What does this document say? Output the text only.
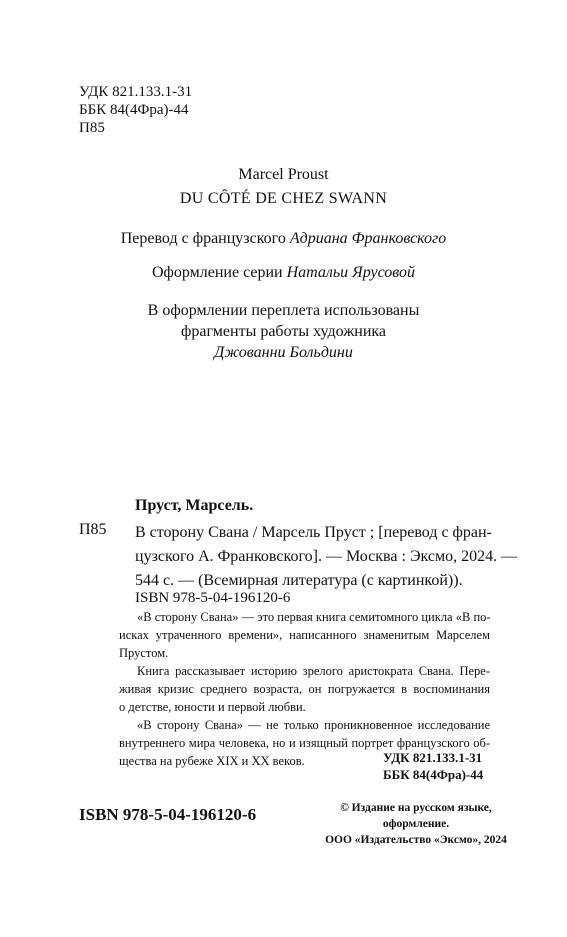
УДК 821.133.1-31
ББК 84(4Фра)-44
П85
Marcel Proust
DU CÔTÉ DE CHEZ SWANN
Перевод с французского Адриана Франковского
Оформление серии Натальи Ярусовой
В оформлении переплета использованы
фрагменты работы художника
Джованни Больдини
Пруст, Марсель.
П85 В сторону Свана / Марсель Пруст ; [перевод с фран-
цузского А. Франковского]. — Москва : Эксмо, 2024. —
544 с. — (Всемирная литература (с картинкой)).
ISBN 978-5-04-196120-6

«В сторону Свана» — это первая книга семитомного цикла «В по-
исках утраченного времени», написанного знаменитым Марселем
Прустом.

Книга рассказывает историю зрелого аристократа Свана. Пере-
живая кризис среднего возраста, он погружается в воспоминания
о детстве, юности и первой любви.

«В сторону Свана» — не только проникновенное исследование
внутреннего мира человека, но и изящный портрет французского об-
щества на рубеже XIX и XX веков.	УДК 821.133.1-31
ББК 84(4Фра)-44
ISBN 978-5-04-196120-6	© Издание на русском языке, оформление.
ООО «Издательство «Эксмо», 2024
